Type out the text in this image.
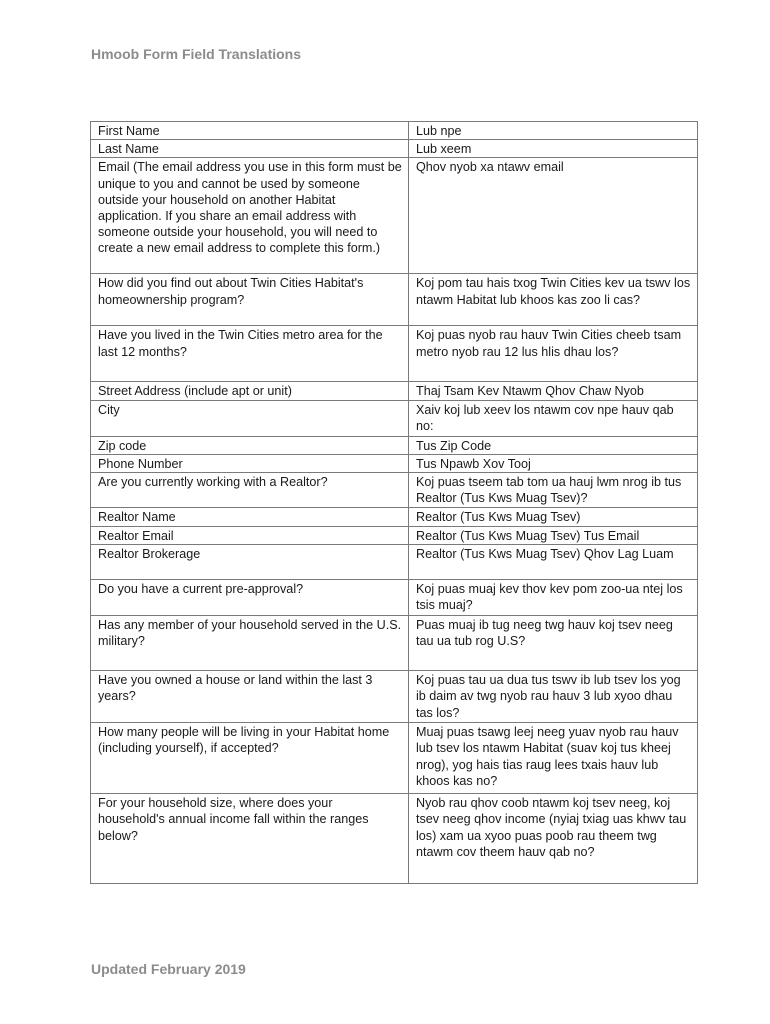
Hmoob Form Field Translations
First Name	Lub npe
Last Name	Lub xeem
Email (The email address you use in this form must be unique to you and cannot be used by someone outside your household on another Habitat application. If you share an email address with someone outside your household, you will need to create a new email address to complete this form.)	Qhov nyob xa ntawv email
How did you find out about Twin Cities Habitat's homeownership program?	Koj pom tau hais txog Twin Cities kev ua tswv los ntawm Habitat lub khoos kas zoo li cas?
Have you lived in the Twin Cities metro area for the last 12 months?	Koj puas nyob rau hauv Twin Cities cheeb tsam metro nyob rau 12 lus hlis dhau los?
Street Address (include apt or unit)	Thaj Tsam Kev Ntawm Qhov Chaw Nyob
City	Xaiv koj lub xeev los ntawm cov npe hauv qab no:
Zip code	Tus Zip Code
Phone Number	Tus Npawb Xov Tooj
Are you currently working with a Realtor?	Koj puas tseem tab tom ua hauj lwm nrog ib tus Realtor (Tus Kws Muag Tsev)?
Realtor Name	Realtor (Tus Kws Muag Tsev)
Realtor Email	Realtor (Tus Kws Muag Tsev) Tus Email
Realtor Brokerage	Realtor (Tus Kws Muag Tsev) Qhov Lag Luam
Do you have a current pre-approval?	Koj puas muaj kev thov kev pom zoo-ua ntej los tsis muaj?
Has any member of your household served in the U.S. military?	Puas muaj ib tug neeg twg hauv koj tsev neeg tau ua tub rog U.S?
Have you owned a house or land within the last 3 years?	Koj puas tau ua dua tus tswv ib lub tsev los yog ib daim av twg nyob rau hauv 3 lub xyoo dhau tas los?
How many people will be living in your Habitat home (including yourself), if accepted?	Muaj puas tsawg leej neeg yuav nyob rau hauv lub tsev los ntawm Habitat (suav koj tus kheej nrog), yog hais tias raug lees txais hauv lub khoos kas no?
For your household size, where does your household's annual income fall within the ranges below?	Nyob rau qhov coob ntawm koj tsev neeg, koj tsev neeg qhov income (nyiaj txiag uas khwv tau los) xam ua xyoo puas poob rau theem twg ntawm cov theem hauv qab no?
Updated February 2019
